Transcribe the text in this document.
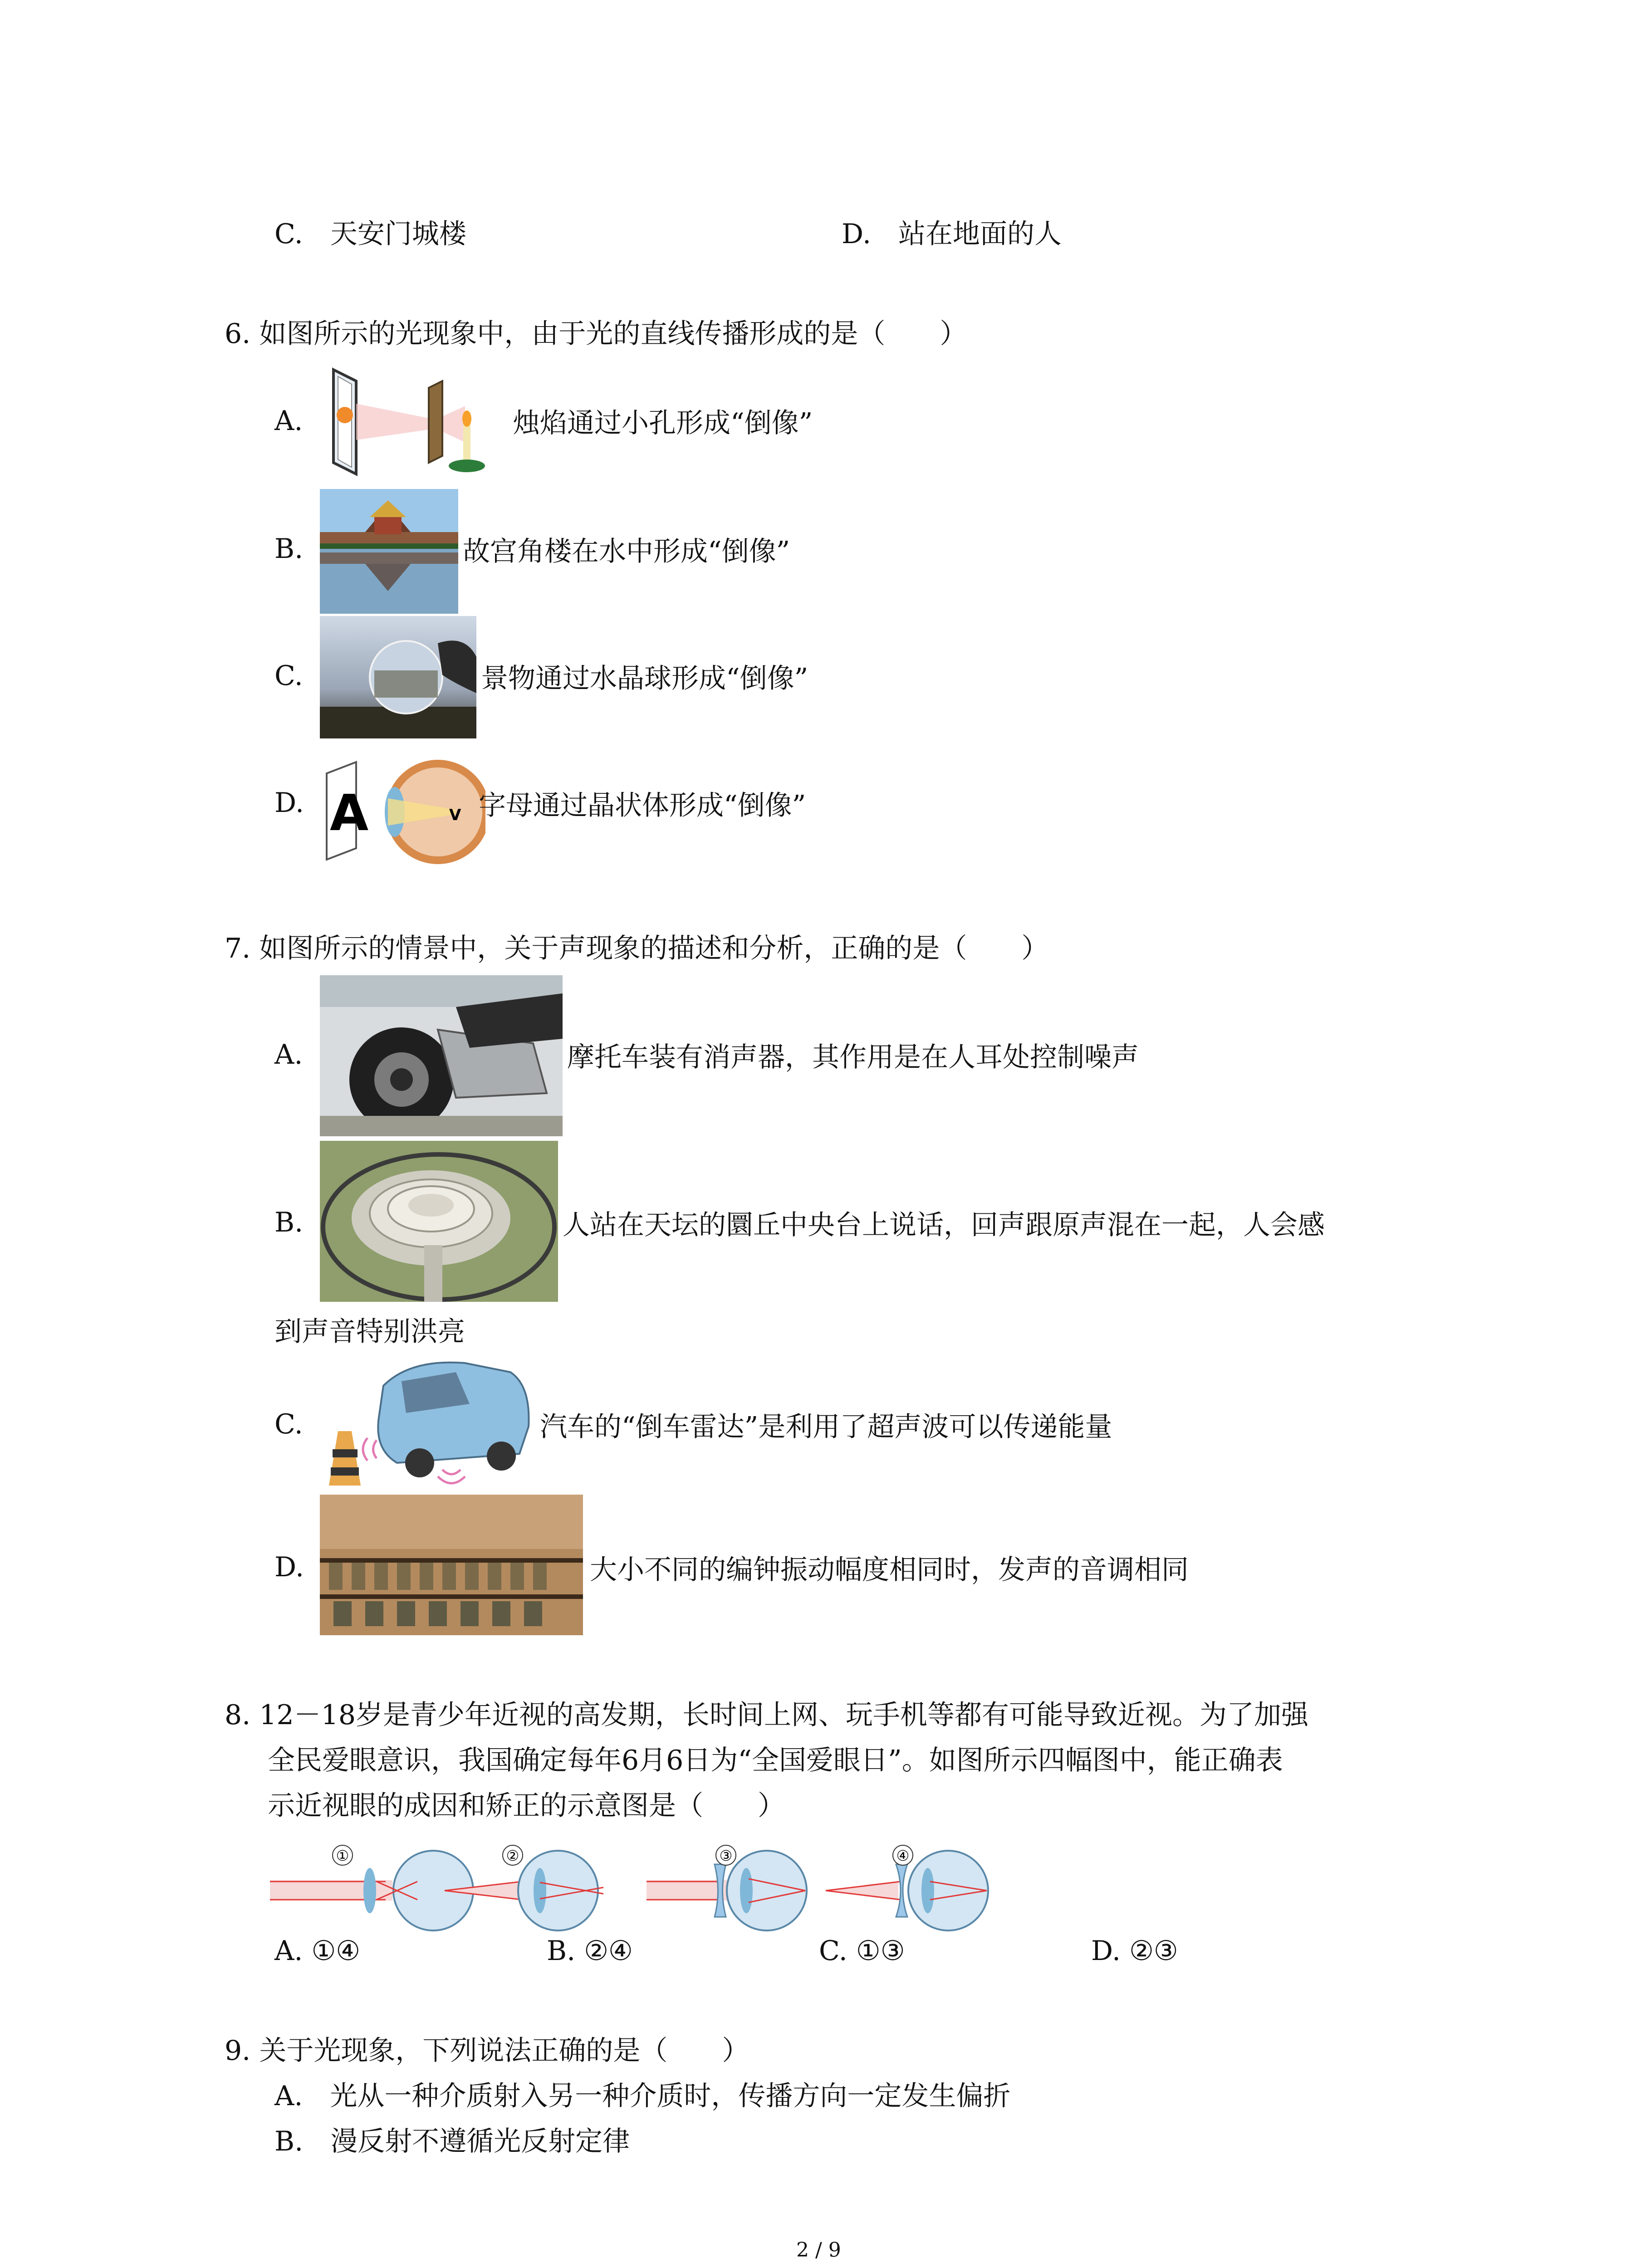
C.　天安门城楼	D.　站在地面的人
6. 如图所示的光现象中，由于光的直线传播形成的是（　　）
A.	烛焰通过小孔形成“倒像”
B.	故宫角楼在水中形成“倒像”
C.	景物通过水晶球形成“倒像”
D. A	V 字母通过晶状体形成“倒像”
7. 如图所示的情景中，关于声现象的描述和分析，正确的是（　　）
A.	摩托车装有消声器，其作用是在人耳处控制噪声
B.	人站在天坛的圜丘中央台上说话，回声跟原声混在一起，人会感
到声音特别洪亮
C.	汽车的“倒车雷达”是利用了超声波可以传递能量
D.	大小不同的编钟振动幅度相同时，发声的音调相同
8. 12－18岁是青少年近视的高发期，长时间上网、玩手机等都有可能导致近视。为了加强
全民爱眼意识，我国确定每年6月6日为“全国爱眼日”。如图所示四幅图中，能正确表
示近视眼的成因和矫正的示意图是（　　）
①	②	③	④
A. ①④	B. ②④	C. ①③	D. ②③
9. 关于光现象，下列说法正确的是（　　）
A.　光从一种介质射入另一种介质时，传播方向一定发生偏折
B.　漫反射不遵循光反射定律
2 / 9
